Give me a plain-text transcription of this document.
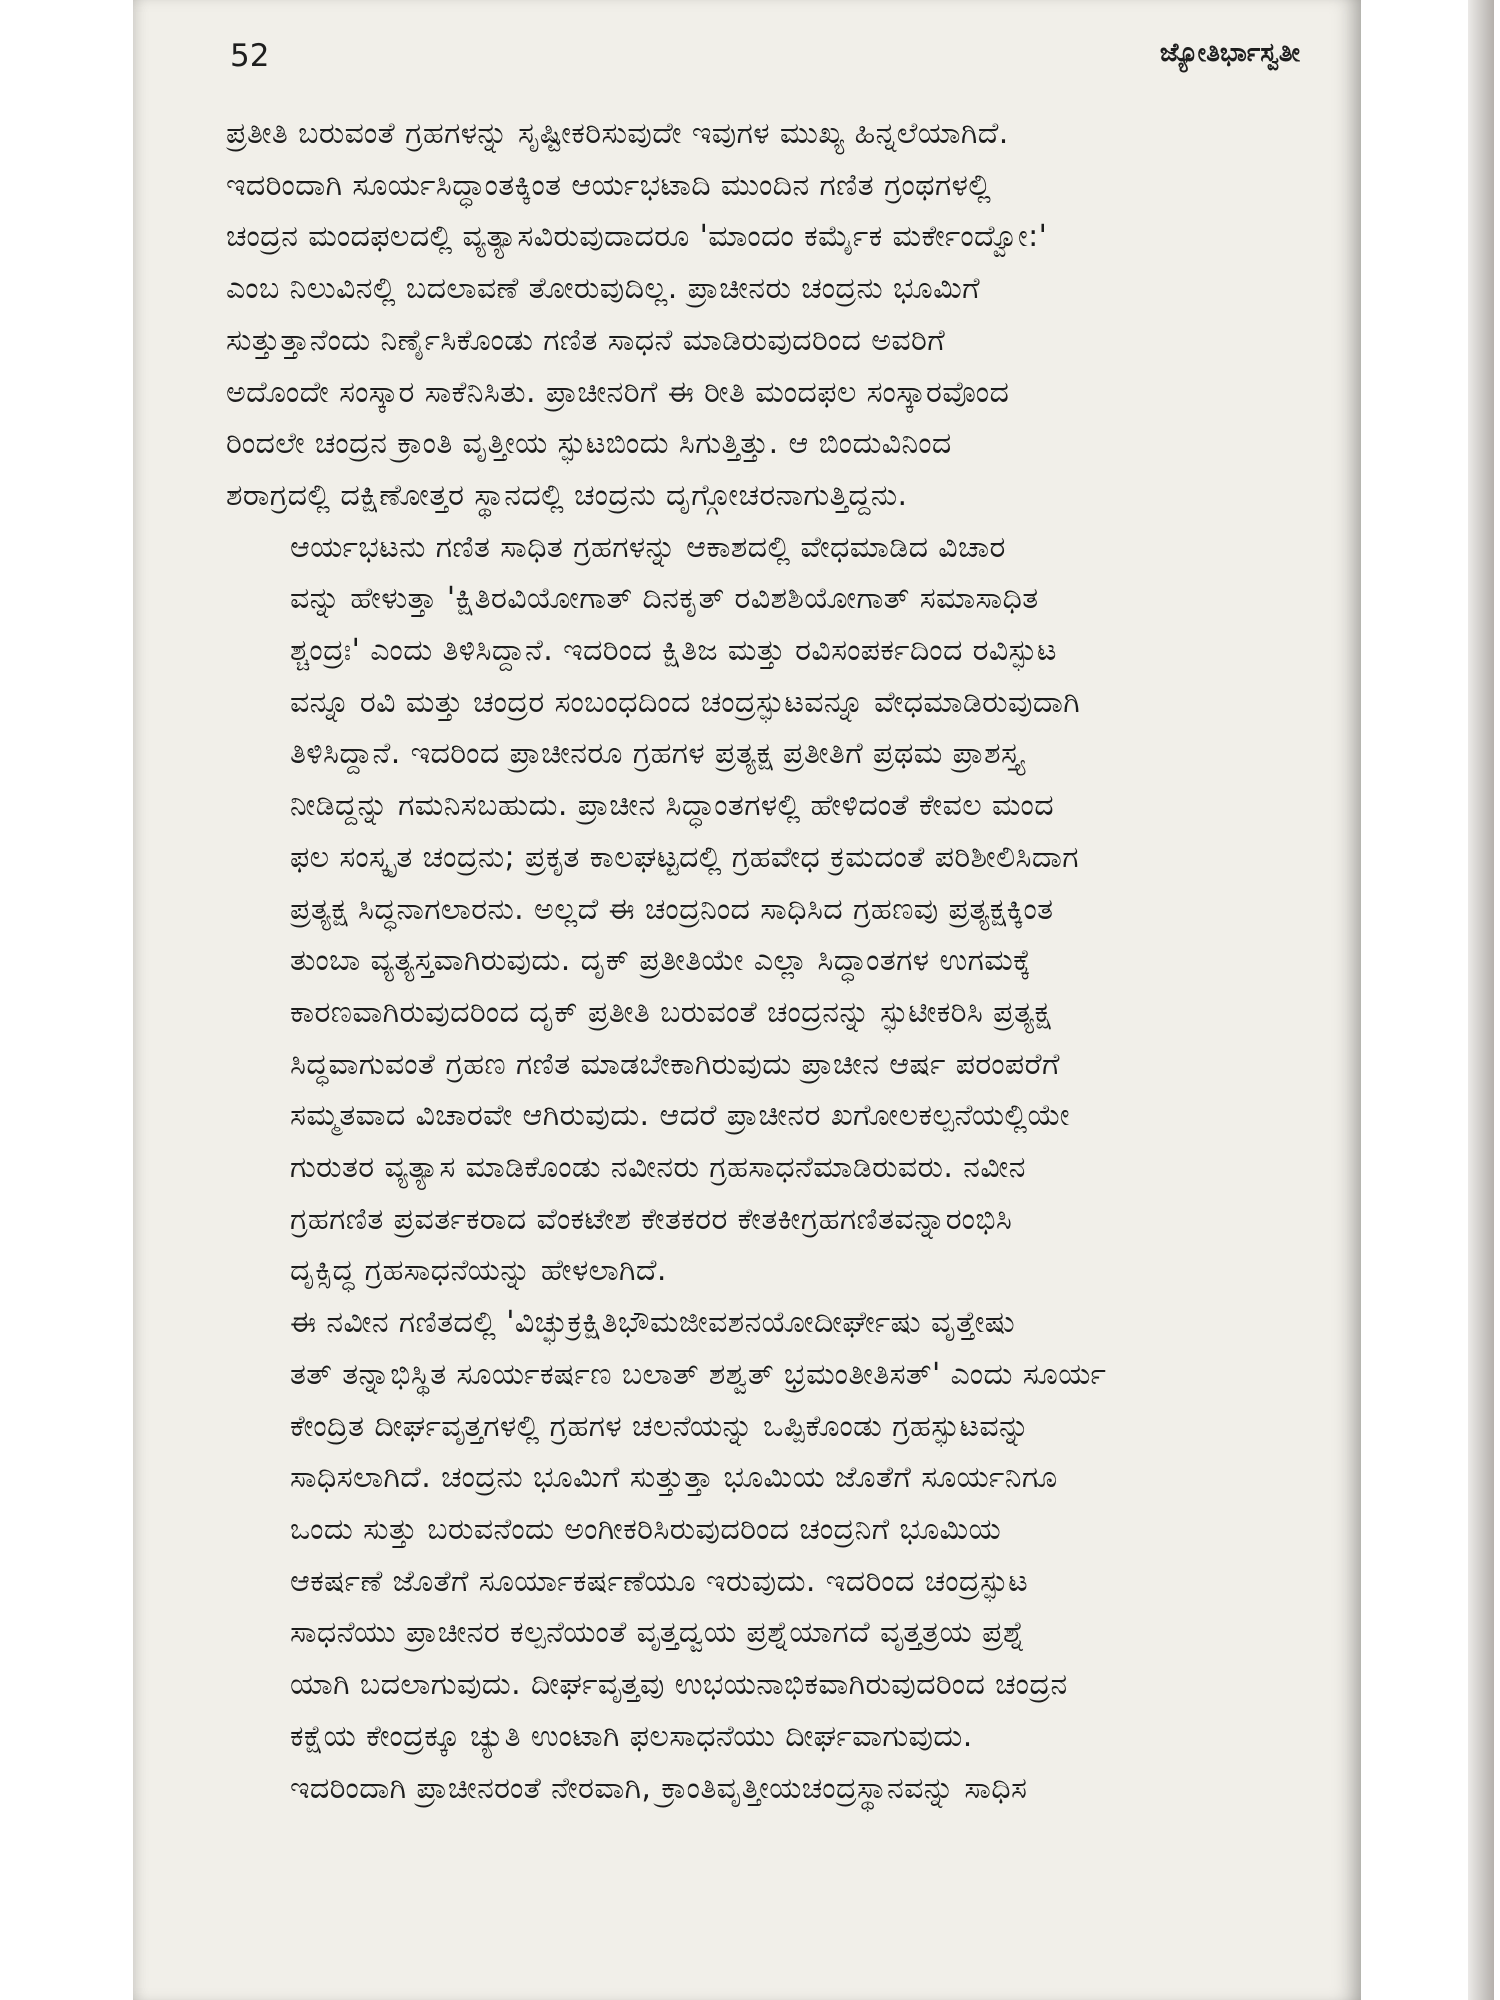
52	ಜ್ಯೋತಿರ್ಭಾಸ್ವತೀ
ಪ್ರತೀತಿ ಬರುವಂತೆ ಗ್ರಹಗಳನ್ನು ಸೃಷ್ಟೀಕರಿಸುವುದೇ ಇವುಗಳ ಮುಖ್ಯ ಹಿನ್ನಲೆಯಾಗಿದೆ.
ಇದರಿಂದಾಗಿ ಸೂರ್ಯಸಿದ್ಧಾಂತಕ್ಕಿಂತ ಆರ್ಯಭಟಾದಿ ಮುಂದಿನ ಗಣಿತ ಗ್ರಂಥಗಳಲ್ಲಿ
ಚಂದ್ರನ ಮಂದಫಲದಲ್ಲಿ ವ್ಯತ್ಯಾಸವಿರುವುದಾದರೂ 'ಮಾಂದಂ ಕರ್ಮೈಕ ಮರ್ಕೇಂದ್ವೋ:'
ಎಂಬ ನಿಲುವಿನಲ್ಲಿ ಬದಲಾವಣೆ ತೋರುವುದಿಲ್ಲ. ಪ್ರಾಚೀನರು ಚಂದ್ರನು ಭೂಮಿಗೆ
ಸುತ್ತುತ್ತಾನೆಂದು ನಿರ್ಣೈಸಿಕೊಂಡು ಗಣಿತ ಸಾಧನೆ ಮಾಡಿರುವುದರಿಂದ ಅವರಿಗೆ
ಅದೊಂದೇ ಸಂಸ್ಕಾರ ಸಾಕೆನಿಸಿತು. ಪ್ರಾಚೀನರಿಗೆ ಈ ರೀತಿ ಮಂದಫಲ ಸಂಸ್ಕಾರವೊಂದ
ರಿಂದಲೇ ಚಂದ್ರನ ಕ್ರಾಂತಿ ವೃತ್ತೀಯ ಸ್ಫುಟಬಿಂದು ಸಿಗುತ್ತಿತ್ತು. ಆ ಬಿಂದುವಿನಿಂದ
ಶರಾಗ್ರದಲ್ಲಿ ದಕ್ಷಿಣೋತ್ತರ ಸ್ಥಾನದಲ್ಲಿ ಚಂದ್ರನು ದೃಗ್ಗೋಚರನಾಗುತ್ತಿದ್ದನು.
ಆರ್ಯಭಟನು ಗಣಿತ ಸಾಧಿತ ಗ್ರಹಗಳನ್ನು ಆಕಾಶದಲ್ಲಿ ವೇಧಮಾಡಿದ ವಿಚಾರ
ವನ್ನು ಹೇಳುತ್ತಾ 'ಕ್ಷಿತಿರವಿಯೋಗಾತ್ ದಿನಕೃತ್ ರವಿಶಶಿಯೋಗಾತ್ ಸಮಾಸಾಧಿತ
ಶ್ಚಂದ್ರಃ' ಎಂದು ತಿಳಿಸಿದ್ದಾನೆ. ಇದರಿಂದ ಕ್ಷಿತಿಜ ಮತ್ತು ರವಿಸಂಪರ್ಕದಿಂದ ರವಿಸ್ಫುಟ
ವನ್ನೂ ರವಿ ಮತ್ತು ಚಂದ್ರರ ಸಂಬಂಧದಿಂದ ಚಂದ್ರಸ್ಫುಟವನ್ನೂ ವೇಧಮಾಡಿರುವುದಾಗಿ
ತಿಳಿಸಿದ್ದಾನೆ. ಇದರಿಂದ ಪ್ರಾಚೀನರೂ ಗ್ರಹಗಳ ಪ್ರತ್ಯಕ್ಷ ಪ್ರತೀತಿಗೆ ಪ್ರಥಮ ಪ್ರಾಶಸ್ತ್ಯ
ನೀಡಿದ್ದನ್ನು ಗಮನಿಸಬಹುದು. ಪ್ರಾಚೀನ ಸಿದ್ಧಾಂತಗಳಲ್ಲಿ ಹೇಳಿದಂತೆ ಕೇವಲ ಮಂದ
ಫಲ ಸಂಸ್ಕೃತ ಚಂದ್ರನು; ಪ್ರಕೃತ ಕಾಲಘಟ್ಟದಲ್ಲಿ ಗ್ರಹವೇಧ ಕ್ರಮದಂತೆ ಪರಿಶೀಲಿಸಿದಾಗ
ಪ್ರತ್ಯಕ್ಷ ಸಿದ್ಧನಾಗಲಾರನು. ಅಲ್ಲದೆ ಈ ಚಂದ್ರನಿಂದ ಸಾಧಿಸಿದ ಗ್ರಹಣವು ಪ್ರತ್ಯಕ್ಷಕ್ಕಿಂತ
ತುಂಬಾ ವ್ಯತ್ಯಸ್ತವಾಗಿರುವುದು. ದೃಕ್ ಪ್ರತೀತಿಯೇ ಎಲ್ಲಾ ಸಿದ್ಧಾಂತಗಳ ಉಗಮಕ್ಕೆ
ಕಾರಣವಾಗಿರುವುದರಿಂದ ದೃಕ್ ಪ್ರತೀತಿ ಬರುವಂತೆ ಚಂದ್ರನನ್ನು ಸ್ಫುಟೀಕರಿಸಿ ಪ್ರತ್ಯಕ್ಷ
ಸಿದ್ಧವಾಗುವಂತೆ ಗ್ರಹಣ ಗಣಿತ ಮಾಡಬೇಕಾಗಿರುವುದು ಪ್ರಾಚೀನ ಆರ್ಷ ಪರಂಪರೆಗೆ
ಸಮ್ಮತವಾದ ವಿಚಾರವೇ ಆಗಿರುವುದು. ಆದರೆ ಪ್ರಾಚೀನರ ಖಗೋಲಕಲ್ಪನೆಯಲ್ಲಿಯೇ
ಗುರುತರ ವ್ಯತ್ಯಾಸ ಮಾಡಿಕೊಂಡು ನವೀನರು ಗ್ರಹಸಾಧನೆಮಾಡಿರುವರು. ನವೀನ
ಗ್ರಹಗಣಿತ ಪ್ರವರ್ತಕರಾದ ವೆಂಕಟೇಶ ಕೇತಕರರ ಕೇತಕೀಗ್ರಹಗಣಿತವನ್ನಾರಂಭಿಸಿ
ದೃಕ್ಸಿದ್ಧ ಗ್ರಹಸಾಧನೆಯನ್ನು ಹೇಳಲಾಗಿದೆ.
ಈ ನವೀನ ಗಣಿತದಲ್ಲಿ 'ವಿಚ್ಛುಕ್ರಕ್ಷಿತಿಭೌಮಜೀವಶನಯೋದೀರ್ಘೇಷು ವೃತ್ತೇಷು
ತತ್ ತನ್ನಾಭಿಸ್ಥಿತ ಸೂರ್ಯಕರ್ಷಣ ಬಲಾತ್ ಶಶ್ವತ್ ಭ್ರಮಂತೀತಿಸತ್' ಎಂದು ಸೂರ್ಯ
ಕೇಂದ್ರಿತ ದೀರ್ಘವೃತ್ತಗಳಲ್ಲಿ ಗ್ರಹಗಳ ಚಲನೆಯನ್ನು ಒಪ್ಪಿಕೊಂಡು ಗ್ರಹಸ್ಫುಟವನ್ನು
ಸಾಧಿಸಲಾಗಿದೆ. ಚಂದ್ರನು ಭೂಮಿಗೆ ಸುತ್ತುತ್ತಾ ಭೂಮಿಯ ಜೊತೆಗೆ ಸೂರ್ಯನಿಗೂ
ಒಂದು ಸುತ್ತು ಬರುವನೆಂದು ಅಂಗೀಕರಿಸಿರುವುದರಿಂದ ಚಂದ್ರನಿಗೆ ಭೂಮಿಯ
ಆಕರ್ಷಣೆ ಜೊತೆಗೆ ಸೂರ್ಯಾಕರ್ಷಣೆಯೂ ಇರುವುದು. ಇದರಿಂದ ಚಂದ್ರಸ್ಫುಟ
ಸಾಧನೆಯು ಪ್ರಾಚೀನರ ಕಲ್ಪನೆಯಂತೆ ವೃತ್ತದ್ವಯ ಪ್ರಶ್ನೆಯಾಗದೆ ವೃತ್ತತ್ರಯ ಪ್ರಶ್ನೆ
ಯಾಗಿ ಬದಲಾಗುವುದು. ದೀರ್ಘವೃತ್ತವು ಉಭಯನಾಭಿಕವಾಗಿರುವುದರಿಂದ ಚಂದ್ರನ
ಕಕ್ಷೆಯ ಕೇಂದ್ರಕ್ಕೂ ಚ್ಯುತಿ ಉಂಟಾಗಿ ಫಲಸಾಧನೆಯು ದೀರ್ಘವಾಗುವುದು.
ಇದರಿಂದಾಗಿ ಪ್ರಾಚೀನರಂತೆ ನೇರವಾಗಿ, ಕ್ರಾಂತಿವೃತ್ತೀಯಚಂದ್ರಸ್ಥಾನವನ್ನು ಸಾಧಿಸ
